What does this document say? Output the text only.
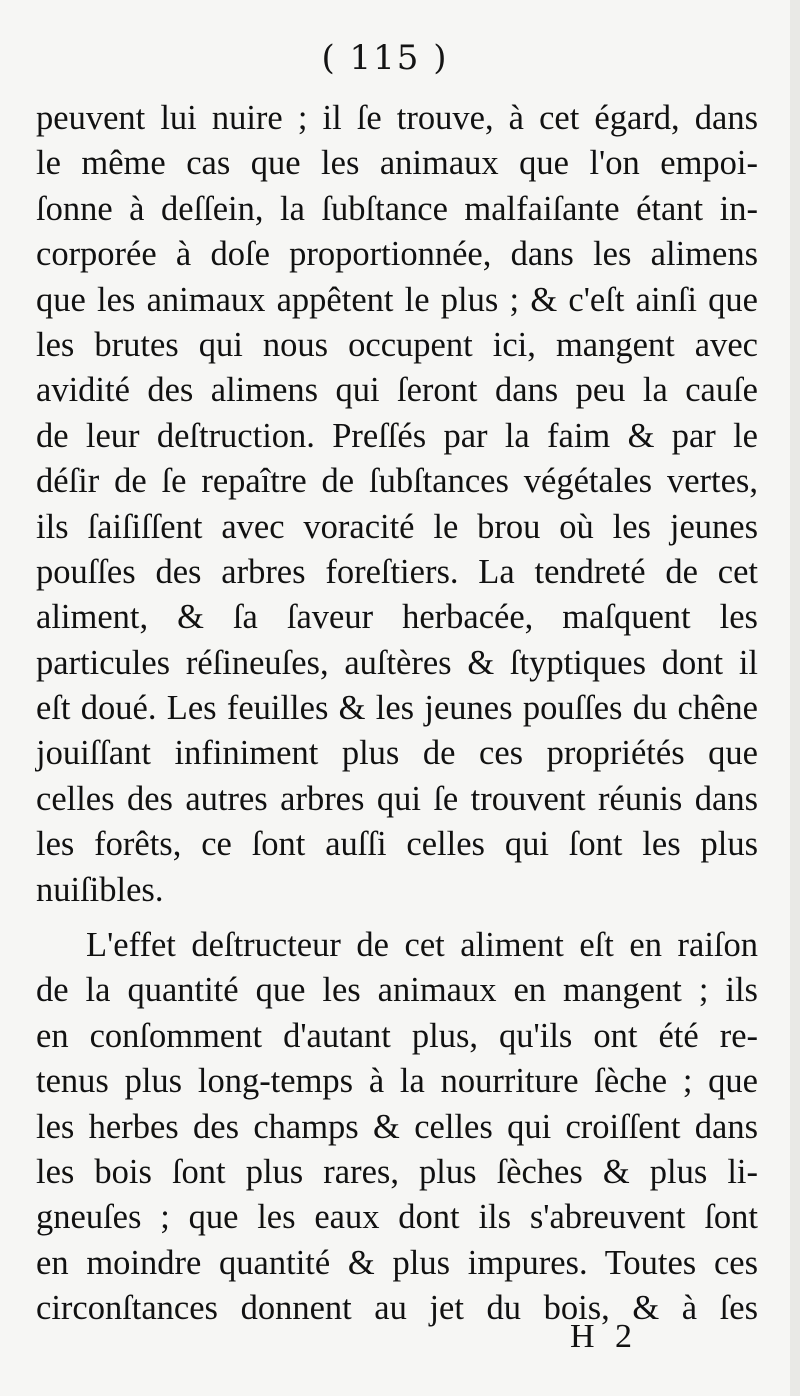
( 115 )
peuvent lui nuire ; il ſe trouve, à cet égard, dans
le même cas que les animaux que l'on empoi-
ſonne à deſſein, la ſubſtance malfaiſante étant in-
corporée à doſe proportionnée, dans les alimens
que les animaux appêtent le plus ; & c'eſt ainſi que
les brutes qui nous occupent ici, mangent avec
avidité des alimens qui ſeront dans peu la cauſe
de leur deſtruction. Preſſés par la faim & par le
déſir de ſe repaître de ſubſtances végétales vertes,
ils ſaiſiſſent avec voracité le brou où les jeunes
pouſſes des arbres foreſtiers. La tendreté de cet
aliment, & ſa ſaveur herbacée, maſquent les
particules réſineuſes, auſtères & ſtyptiques dont il
eſt doué. Les feuilles & les jeunes pouſſes du chêne
jouiſſant infiniment plus de ces propriétés que
celles des autres arbres qui ſe trouvent réunis dans
les forêts, ce ſont auſſi celles qui ſont les plus
nuiſibles.
L'effet deſtructeur de cet aliment eſt en raiſon
de la quantité que les animaux en mangent ; ils
en conſomment d'autant plus, qu'ils ont été re-
tenus plus long-temps à la nourriture ſèche ; que
les herbes des champs & celles qui croiſſent dans
les bois ſont plus rares, plus ſèches & plus li-
gneuſes ; que les eaux dont ils s'abreuvent ſont
en moindre quantité & plus impures. Toutes ces
circonſtances donnent au jet du bois, & à ſes
H 2
